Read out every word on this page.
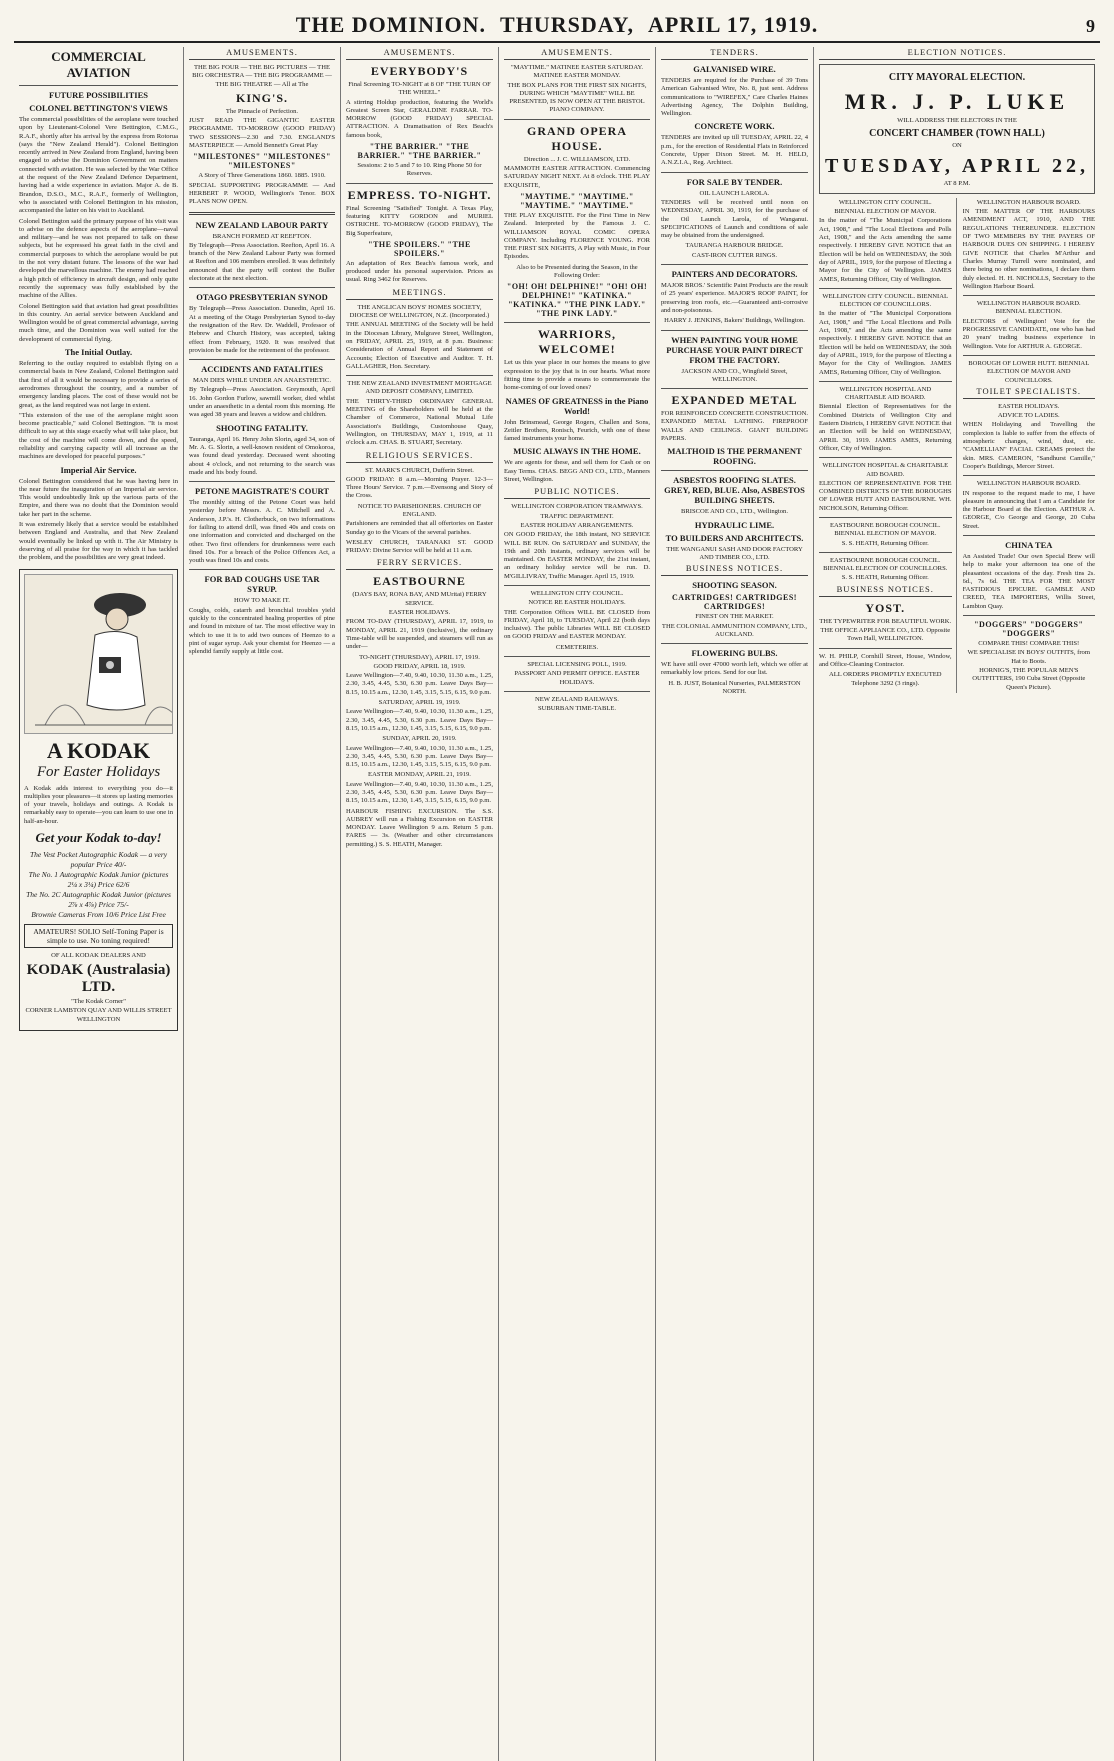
THE DOMINION. THURSDAY, APRIL 17, 1919.	9
COMMERCIAL AVIATION
FUTURE POSSIBILITIES
COLONEL BETTINGTON'S VIEWS

The commercial possibilities of the aeroplane were touched upon by Lieutenant-Colonel Vere Bettington, C.M.G., R.A.F., shortly after his arrival by the express from Rotorua (says the "New Zealand Herald"). Colonel Bettington recently arrived in New Zealand from England, having been engaged to advise the Dominion Government on matters connected with aviation. He was selected by the War Office at the request of the New Zealand Defence Department, having had a wide experience in aviation. Major A. de B. Brandon, D.S.O., M.C., R.A.F., formerly of Wellington, who is associated with Colonel Bettington in his mission, accompanied the latter on his visit to Auckland.

Colonel Bettington said the primary purpose of his visit was to advise on the defence aspects of the aeroplane—naval and military—and he was not prepared to talk on these subjects, but he expressed his great faith in the civil and commercial purposes to which the aeroplane would be put in the not very distant future. The lessons of the war had developed the marvellous machine. The enemy had reached a high pitch of efficiency in aircraft design, and only quite recently the supremacy was fully established by the machine of the Allies.

Colonel Bettington said that aviation had great possibilities in this country. An aerial service between Auckland and Wellington would be of great commercial advantage, saving much time, and the Dominion was well suited for the development of commercial flying.

The Initial Outlay.

Referring to the outlay required to establish flying on a commercial basis in New Zealand, Colonel Bettington said that first of all it would be necessary to provide a series of aerodromes throughout the country, and a number of emergency landing places. The cost of these would not be great, as the land required was not large in extent.

"This extension of the use of the aeroplane might soon become practicable," said Colonel Bettington. "It is most difficult to say at this stage exactly what will take place, but the cost of the machine will come down, and the speed, reliability and carrying capacity will all increase as the machines are developed for peaceful purposes."

Imperial Air Service.

Colonel Bettington considered that he was having here in the near future the inauguration of an Imperial air service. This would undoubtedly link up the various parts of the Empire, and there was no doubt that the Dominion would take her part in the scheme.

It was extremely likely that a service would be established between England and Australia, and that New Zealand would eventually be linked up with it. The Air Ministry is deserving of all praise for the way in which it has tackled the problem, and the possibilities are very great indeed.

A KODAK
For Easter Holidays

A Kodak adds interest to everything you do—it multiplies your pleasures—it stores up lasting memories of your travels, holidays and outings. A Kodak is remarkably easy to operate—you can learn to use one in half-an-hour.

Get your Kodak to-day!
The Vest Pocket Autographic Kodak — a very popular Price 40/-
The No. 1 Autographic Kodak Junior (pictures 2¼ x 3¼) Price 62/6
The No. 2C Autographic Kodak Junior (pictures 2⅞ x 4⅞) Price 75/-
Brownie Cameras From 10/6 Price List Free
AMATEURS! SOLIO Self-Toning Paper is simple to use. No toning required!
OF ALL KODAK DEALERS AND
KODAK (Australasia) LTD.
"The Kodak Corner"
CORNER LAMBTON QUAY AND WILLIS STREET
WELLINGTON
AMUSEMENTS.
THE BIG FOUR — THE BIG PICTURES — THE BIG ORCHESTRA — THE BIG PROGRAMME — THE BIG THEATRE — All at The
KING'S.
The Pinnacle of Perfection.

JUST READ THE GIGANTIC EASTER PROGRAMME. TO-MORROW (GOOD FRIDAY) TWO SESSIONS—2.30 and 7.30. ENGLAND'S MASTERPIECE — Arnold Bennett's Great Play

"MILESTONES" "MILESTONES" "MILESTONES"
A Story of Three Generations 1860. 1885. 1910.

SPECIAL SUPPORTING PROGRAMME — And HERBERT P. WOOD, Wellington's Tenor. BOX PLANS NOW OPEN.

NEW ZEALAND LABOUR PARTY
BRANCH FORMED AT REEFTON.

By Telegraph—Press Association. Reefton, April 16. A branch of the New Zealand Labour Party was formed at Reefton and 106 members enrolled. It was definitely announced that the party will contest the Buller electorate at the next election.

OTAGO PRESBYTERIAN SYNOD

By Telegraph—Press Association. Dunedin, April 16. At a meeting of the Otago Presbyterian Synod to-day the resignation of the Rev. Dr. Waddell, Professor of Hebrew and Church History, was accepted, taking effect from February, 1920. It was resolved that provision be made for the retirement of the professor.

ACCIDENTS AND FATALITIES
MAN DIES WHILE UNDER AN ANAESTHETIC.

By Telegraph—Press Association. Greymouth, April 16. John Gordon Furlow, sawmill worker, died whilst under an anaesthetic in a dental room this morning. He was aged 38 years and leaves a widow and children.

SHOOTING FATALITY.

Tauranga, April 16. Henry John Slorin, aged 34, son of Mr. A. G. Slorin, a well-known resident of Omokoroa, was found dead yesterday. Deceased went shooting about 4 o'clock, and not returning to the search was made and his body found.

PETONE MAGISTRATE'S COURT

The monthly sitting of the Petone Court was held yesterday before Messrs. A. C. Mitchell and A. Anderson, J.P.'s. H. Clotherbuck, on two informations for failing to attend drill, was fined 40s and costs on one information and convicted and discharged on the other. Two first offenders for drunkenness were each fined 10s. For a breach of the Police Offences Act, a youth was fined 10s and costs.

FOR BAD COUGHS USE TAR SYRUP.
HOW TO MAKE IT.

Coughs, colds, catarrh and bronchial troubles yield quickly to the concentrated healing properties of pine and found in mixture of tar. The most effective way in which to use it is to add two ounces of Heenzo to a pint of sugar syrup. Ask your chemist for Heenzo — a splendid family supply at little cost.

AMUSEMENTS.
EVERYBODY'S
Final Screening TO-NIGHT at 8 OF "THE TURN OF THE WHEEL."

A stirring Holdup production, featuring the World's Greatest Screen Star, GERALDINE FARRAR. TO-MORROW (GOOD FRIDAY) SPECIAL ATTRACTION. A Dramatisation of Rex Beach's famous book,

"THE BARRIER." "THE BARRIER." "THE BARRIER."
Sessions: 2 to 5 and 7 to 10. Ring Phone 50 for Reserves.
EMPRESS. TO-NIGHT.

Final Screening "Satisfied" Tonight. A Texas Play, featuring KITTY GORDON and MURIEL OSTRICHE. TO-MORROW (GOOD FRIDAY), The Big Superfeature,

"THE SPOILERS." "THE SPOILERS."

An adaptation of Rex Beach's famous work, and produced under his personal supervision. Prices as usual. Ring 3462 for Reserves.

MEETINGS.
THE ANGLICAN BOYS' HOMES SOCIETY, DIOCESE OF WELLINGTON, N.Z. (Incorporated.)

THE ANNUAL MEETING of the Society will be held in the Diocesan Library, Mulgrave Street, Wellington, on FRIDAY, APRIL 25, 1919, at 8 p.m. Business: Consideration of Annual Report and Statement of Accounts; Election of Executive and Auditor. T. H. GALLAGHER, Hon. Secretary.

THE NEW ZEALAND INVESTMENT MORTGAGE AND DEPOSIT COMPANY, LIMITED.

THE THIRTY-THIRD ORDINARY GENERAL MEETING of the Shareholders will be held at the Chamber of Commerce, National Mutual Life Association's Buildings, Customhouse Quay, Wellington, on THURSDAY, MAY 1, 1919, at 11 o'clock a.m. CHAS. B. STUART, Secretary.

RELIGIOUS SERVICES.
ST. MARK'S CHURCH, Dufferin Street.

GOOD FRIDAY: 8 a.m.—Morning Prayer. 12-3—Three Hours' Service. 7 p.m.—Evensong and Story of the Cross.

NOTICE TO PARISHIONERS. CHURCH OF ENGLAND.

Parishioners are reminded that all offertories on Easter Sunday go to the Vicars of the several parishes.

WESLEY CHURCH, TARANAKI ST. GOOD FRIDAY: Divine Service will be held at 11 a.m.

FERRY SERVICES.
EASTBOURNE
(DAYS BAY, RONA BAY, AND MUritai) FERRY SERVICE.
EASTER HOLIDAYS.

FROM TO-DAY (THURSDAY), APRIL 17, 1919, to MONDAY, APRIL 21, 1919 (inclusive), the ordinary Time-table will be suspended, and steamers will run as under—

TO-NIGHT (THURSDAY), APRIL 17, 1919.
GOOD FRIDAY, APRIL 18, 1919.

Leave Wellington—7.40, 9.40, 10.30, 11.30 a.m., 1.25, 2.30, 3.45, 4.45, 5.30, 6.30 p.m. Leave Days Bay—8.15, 10.15 a.m., 12.30, 1.45, 3.15, 5.15, 6.15, 9.0 p.m.

SATURDAY, APRIL 19, 1919.

Leave Wellington—7.40, 9.40, 10.30, 11.30 a.m., 1.25, 2.30, 3.45, 4.45, 5.30, 6.30 p.m. Leave Days Bay—8.15, 10.15 a.m., 12.30, 1.45, 3.15, 5.15, 6.15, 9.0 p.m.

SUNDAY, APRIL 20, 1919.

Leave Wellington—7.40, 9.40, 10.30, 11.30 a.m., 1.25, 2.30, 3.45, 4.45, 5.30, 6.30 p.m. Leave Days Bay—8.15, 10.15 a.m., 12.30, 1.45, 3.15, 5.15, 6.15, 9.0 p.m.

EASTER MONDAY, APRIL 21, 1919.

Leave Wellington—7.40, 9.40, 10.30, 11.30 a.m., 1.25, 2.30, 3.45, 4.45, 5.30, 6.30 p.m. Leave Days Bay—8.15, 10.15 a.m., 12.30, 1.45, 3.15, 5.15, 6.15, 9.0 p.m.

HARBOUR FISHING EXCURSION. The S.S. AUBREY will run a Fishing Excursion on EASTER MONDAY. Leave Wellington 9 a.m. Return 5 p.m. FARES — 3s. (Weather and other circumstances permitting.) S. S. HEATH, Manager.

AMUSEMENTS.
"MAYTIME." MATINEE EASTER SATURDAY. MATINEE EASTER MONDAY.
THE BOX PLANS FOR THE FIRST SIX NIGHTS, DURING WHICH "MAYTIME" WILL BE PRESENTED, IS NOW OPEN AT THE BRISTOL PIANO COMPANY.
GRAND OPERA HOUSE.
Direction ... J. C. WILLIAMSON, LTD.

MAMMOTH EASTER ATTRACTION. Commencing SATURDAY NIGHT NEXT. At 8 o'clock. THE PLAY EXQUISITE,

"MAYTIME." "MAYTIME." "MAYTIME." "MAYTIME."

THE PLAY EXQUISITE. For the First Time in New Zealand. Interpreted by the Famous J. C. WILLIAMSON ROYAL COMIC OPERA COMPANY. Including FLORENCE YOUNG. FOR THE FIRST SIX NIGHTS, A Play with Music, in Four Episodes.

Also to be Presented during the Season, in the Following Order:
"OH! OH! DELPHINE!" "OH! OH! DELPHINE!" "KATINKA." "KATINKA." "THE PINK LADY." "THE PINK LADY."
WARRIORS, WELCOME!

Let us this year place in our homes the means to give expression to the joy that is in our hearts. What more fitting time to provide a means to commemorate the home-coming of our loved ones?

NAMES OF GREATNESS in the Piano World!

John Brinsmead, George Rogers, Challen and Sons, Zeitler Brothers, Ronisch, Feurich, with one of these famed instruments your home.

MUSIC ALWAYS IN THE HOME.

We are agents for these, and sell them for Cash or on Easy Terms. CHAS. BEGG AND CO., LTD., Manners Street, Wellington.

PUBLIC NOTICES.
WELLINGTON CORPORATION TRAMWAYS.
TRAFFIC DEPARTMENT.
EASTER HOLIDAY ARRANGEMENTS.

ON GOOD FRIDAY, the 18th instant, NO SERVICE WILL BE RUN. On SATURDAY and SUNDAY, the 19th and 20th instants, ordinary services will be maintained. On EASTER MONDAY, the 21st instant, an ordinary holiday service will be run. D. M'GILLIVRAY, Traffic Manager. April 15, 1919.

WELLINGTON CITY COUNCIL.
NOTICE RE EASTER HOLIDAYS.

THE Corporation Offices WILL BE CLOSED from FRIDAY, April 18, to TUESDAY, April 22 (both days inclusive). The public Libraries WILL BE CLOSED on GOOD FRIDAY and EASTER MONDAY.

CEMETERIES.
SPECIAL LICENSING POLL, 1919.
PASSPORT AND PERMIT OFFICE. EASTER HOLIDAYS.
NEW ZEALAND RAILWAYS.
SUBURBAN TIME-TABLE.
TENDERS.
GALVANISED WIRE.

TENDERS are required for the Purchase of 39 Tons American Galvanised Wire, No. 8, just sent. Address communications to "WIREFEX," Care Charles Haines Advertising Agency, The Dolphin Building, Wellington.

CONCRETE WORK.

TENDERS are invited up till TUESDAY, APRIL 22, 4 p.m., for the erection of Residential Flats in Reinforced Concrete, Upper Dixon Street. M. H. HELD, A.N.Z.I.A., Reg. Architect.

FOR SALE BY TENDER.
OIL LAUNCH LAROLA.

TENDERS will be received until noon on WEDNESDAY, APRIL 30, 1919, for the purchase of the Oil Launch Larola, of Wanganui. SPECIFICATIONS of Launch and conditions of sale may be obtained from the undersigned.

TAURANGA HARBOUR BRIDGE.
CAST-IRON CUTTER RINGS.
PAINTERS AND DECORATORS.

MAJOR BROS.' Scientific Paint Products are the result of 25 years' experience. MAJOR'S ROOF PAINT, for preserving iron roofs, etc.—Guaranteed anti-corrosive and non-poisonous.

HARRY J. JENKINS, Bakers' Buildings, Wellington.
WHEN PAINTING YOUR HOME PURCHASE YOUR PAINT DIRECT FROM THE FACTORY.
JACKSON AND CO., Wingfield Street, WELLINGTON.
EXPANDED METAL

FOR REINFORCED CONCRETE CONSTRUCTION. EXPANDED METAL LATHING. FIREPROOF WALLS AND CEILINGS. GIANT BUILDING PAPERS.

MALTHOID IS THE PERMANENT ROOFING.
ASBESTOS ROOFING SLATES. GREY, RED, BLUE. Also, ASBESTOS BUILDING SHEETS.
BRISCOE AND CO., LTD., Wellington.
HYDRAULIC LIME.
TO BUILDERS AND ARCHITECTS.
THE WANGANUI SASH AND DOOR FACTORY AND TIMBER CO., LTD.
BUSINESS NOTICES.
SHOOTING SEASON.
CARTRIDGES! CARTRIDGES! CARTRIDGES!
FINEST ON THE MARKET.
THE COLONIAL AMMUNITION COMPANY, LTD., AUCKLAND.
FLOWERING BULBS.

WE have still over 47000 worth left, which we offer at remarkably low prices. Send for our list.

H. B. JUST, Botanical Nurseries, PALMERSTON NORTH.
ELECTION NOTICES.
CITY MAYORAL ELECTION.
MR. J. P. LUKE
WILL ADDRESS THE ELECTORS IN THE
CONCERT CHAMBER (TOWN HALL)
ON
TUESDAY, APRIL 22,
AT 8 P.M.
WELLINGTON CITY COUNCIL.
BIENNIAL ELECTION OF MAYOR.

In the matter of "The Municipal Corporations Act, 1908," and "The Local Elections and Polls Act, 1908," and the Acts amending the same respectively. I HEREBY GIVE NOTICE that an Election will be held on WEDNESDAY, the 30th day of APRIL, 1919, for the purpose of Electing a Mayor for the City of Wellington. JAMES AMES, Returning Officer, City of Wellington.

WELLINGTON CITY COUNCIL. BIENNIAL ELECTION OF COUNCILLORS.

In the matter of "The Municipal Corporations Act, 1908," and "The Local Elections and Polls Act, 1908," and the Acts amending the same respectively. I HEREBY GIVE NOTICE that an Election will be held on WEDNESDAY, the 30th day of APRIL, 1919, for the purpose of Electing a Mayor for the City of Wellington. JAMES AMES, Returning Officer, City of Wellington.

WELLINGTON HOSPITAL AND CHARITABLE AID BOARD.

Biennial Election of Representatives for the Combined Districts of Wellington City and Eastern Districts, I HEREBY GIVE NOTICE that an Election will be held on WEDNESDAY, APRIL 30, 1919. JAMES AMES, Returning Officer, City of Wellington.

WELLINGTON HOSPITAL & CHARITABLE AID BOARD.

ELECTION OF REPRESENTATIVE FOR THE COMBINED DISTRICTS OF THE BOROUGHS OF LOWER HUTT AND EASTBOURNE. WH. NICHOLSON, Returning Officer.

EASTBOURNE BOROUGH COUNCIL. BIENNIAL ELECTION OF MAYOR.
S. S. HEATH, Returning Officer.
EASTBOURNE BOROUGH COUNCIL. BIENNIAL ELECTION OF COUNCILLORS.
S. S. HEATH, Returning Officer.
BUSINESS NOTICES.
YOST.
THE TYPEWRITER FOR BEAUTIFUL WORK.
THE OFFICE APPLIANCE CO., LTD. Opposite Town Hall, WELLINGTON.

W. H. PHILP, Cornhill Street, House, Window, and Office-Cleaning Contractor.

ALL ORDERS PROMPTLY EXECUTED Telephone 3292 (3 rings).
WELLINGTON HARBOUR BOARD.

IN THE MATTER OF THE HARBOURS AMENDMENT ACT, 1910, AND THE REGULATIONS THEREUNDER. ELECTION OF TWO MEMBERS BY THE PAYERS OF HARBOUR DUES ON SHIPPING. I HEREBY GIVE NOTICE that Charles M'Arthur and Charles Murray Turrell were nominated, and there being no other nominations, I declare them duly elected. H. H. NICHOLLS, Secretary to the Wellington Harbour Board.

WELLINGTON HARBOUR BOARD. BIENNIAL ELECTION.

ELECTORS of Wellington! Vote for the PROGRESSIVE CANDIDATE, one who has had 20 years' trading business experience in Wellington. Vote for ARTHUR A. GEORGE.

BOROUGH OF LOWER HUTT. BIENNIAL ELECTION OF MAYOR AND COUNCILLORS.
TOILET SPECIALISTS.
EASTER HOLIDAYS.
ADVICE TO LADIES.

WHEN Holidaying and Travelling the complexion is liable to suffer from the effects of atmospheric changes, wind, dust, etc. "CAMELLIAN" FACIAL CREAMS protect the skin. MRS. CAMERON, "Sandhurst Camille," Cooper's Buildings, Mercer Street.

WELLINGTON HARBOUR BOARD.

IN response to the request made to me, I have pleasure in announcing that I am a Candidate for the Harbour Board at the Election. ARTHUR A. GEORGE, C/o George and George, 20 Cuba Street.

CHINA TEA

An Assisted Trade! Our own Special Brew will help to make your afternoon tea one of the pleasantest occasions of the day. Fresh tins 2s. 6d., 7s 6d. THE TEA FOR THE MOST FASTIDIOUS EPICURE. GAMBLE AND CREED, TEA IMPORTERS, Willis Street, Lambton Quay.

"DOGGERS" "DOGGERS" "DOGGERS"
COMPARE THIS! COMPARE THIS!
WE SPECIALISE IN BOYS' OUTFITS, from Hat to Boots.
HORNIG'S, THE POPULAR MEN'S OUTFITTERS, 190 Cuba Street (Opposite Queen's Picture).
